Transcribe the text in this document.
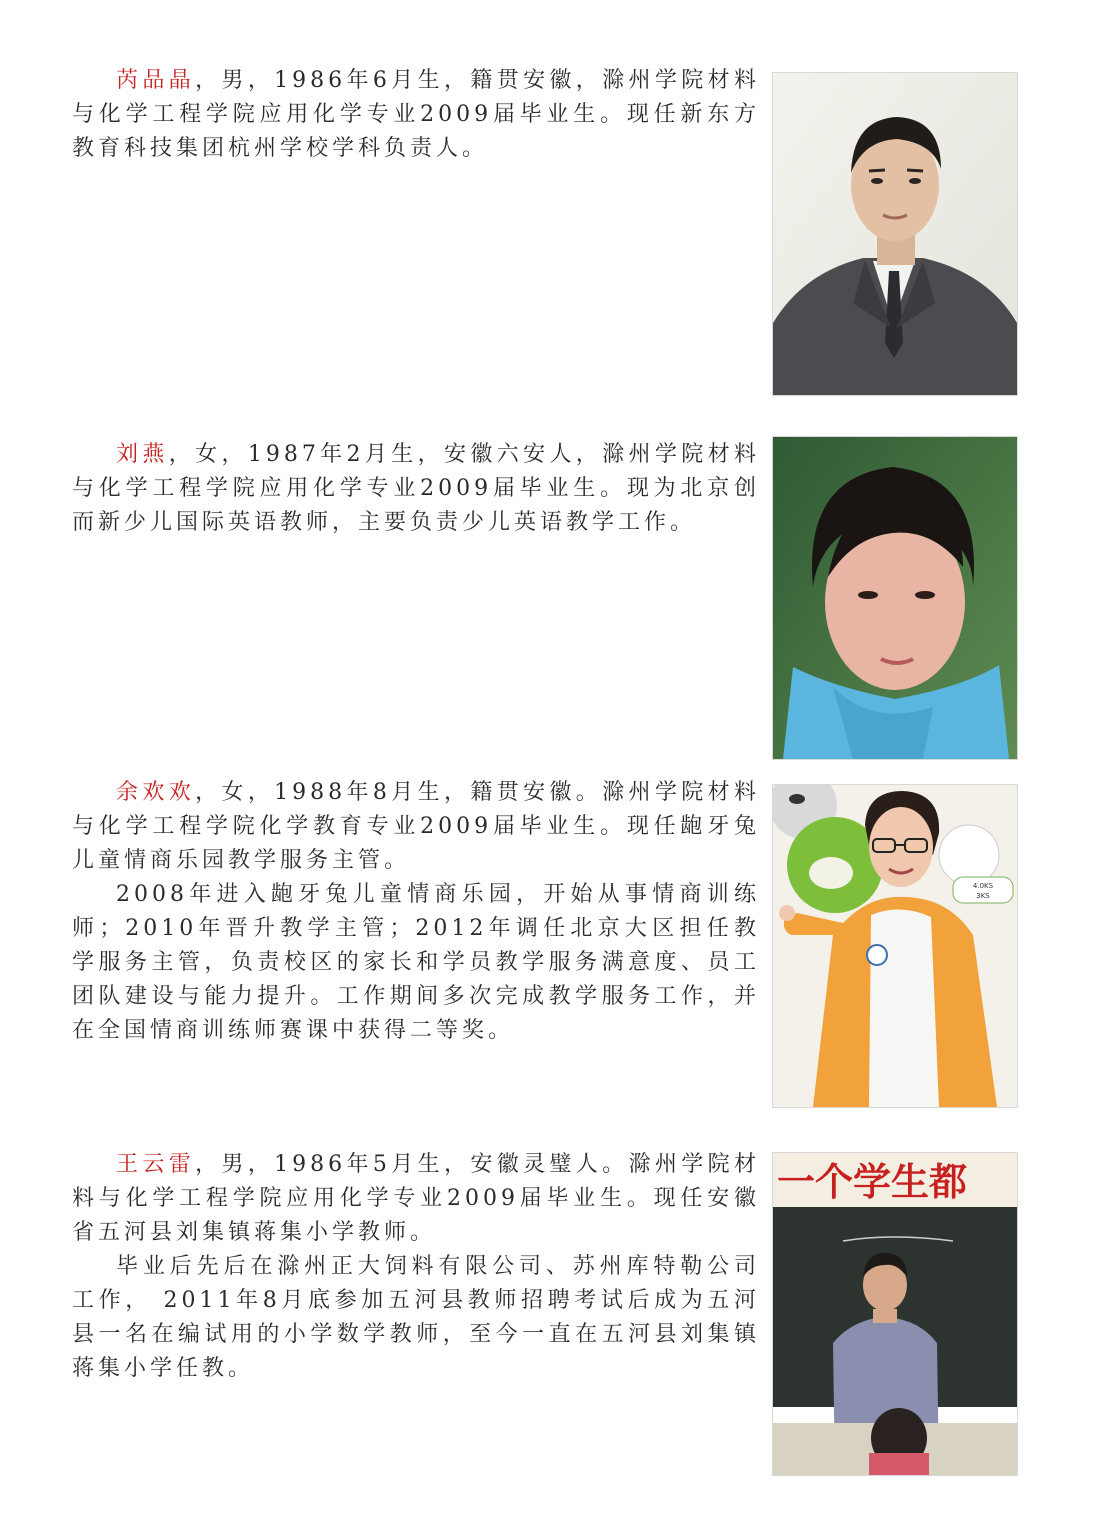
芮品晶，男，1986年6月生，籍贯安徽，滁州学院材料与化学工程学院应用化学专业2009届毕业生。现任新东方教育科技集团杭州学校学科负责人。

刘燕，女，1987年2月生，安徽六安人，滁州学院材料与化学工程学院应用化学专业2009届毕业生。现为北京创而新少儿国际英语教师，主要负责少儿英语教学工作。

余欢欢，女，1988年8月生，籍贯安徽。滁州学院材料与化学工程学院化学教育专业2009届毕业生。现任龅牙兔儿童情商乐园教学服务主管。

2008年进入龅牙兔儿童情商乐园，开始从事情商训练师；2010年晋升教学主管；2012年调任北京大区担任教学服务主管，负责校区的家长和学员教学服务满意度、员工团队建设与能力提升。工作期间多次完成教学服务工作，并在全国情商训练师赛课中获得二等奖。

4.0KS
3KS

王云雷，男，1986年5月生，安徽灵璧人。滁州学院材料与化学工程学院应用化学专业2009届毕业生。现任安徽省五河县刘集镇蒋集小学教师。

毕业后先后在滁州正大饲料有限公司、苏州库特勒公司工作， 2011年8月底参加五河县教师招聘考试后成为五河县一名在编试用的小学数学教师，至今一直在五河县刘集镇蒋集小学任教。

一个学生都
